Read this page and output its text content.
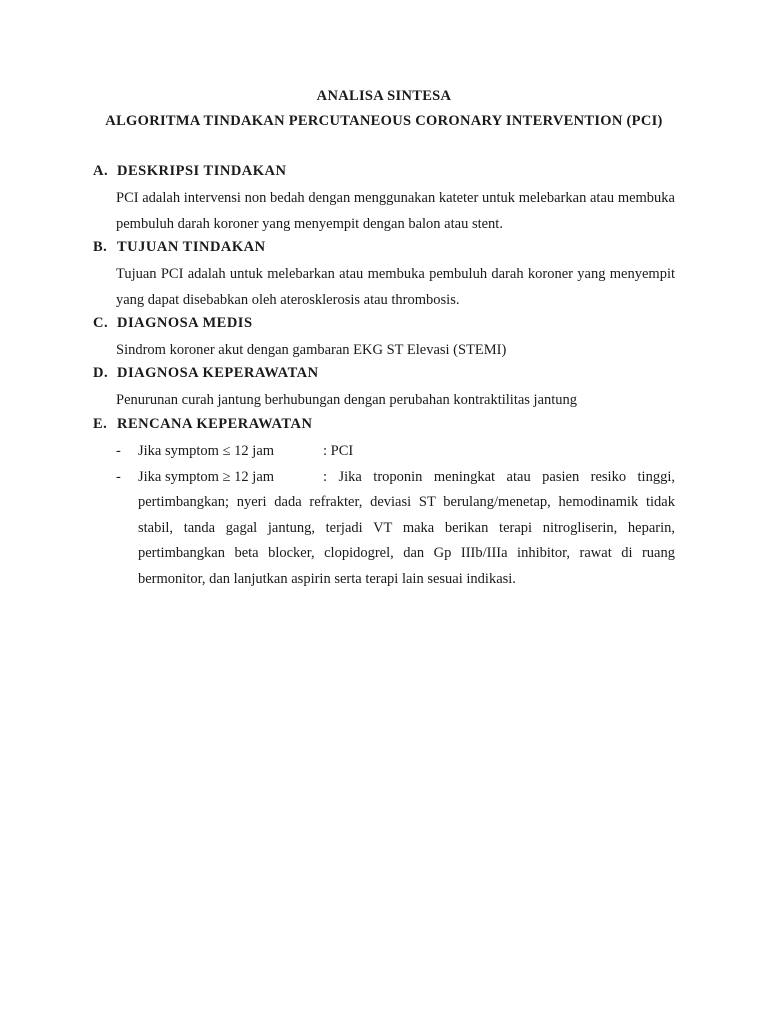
ANALISA SINTESA
ALGORITMA TINDAKAN PERCUTANEOUS CORONARY INTERVENTION (PCI)
A. DESKRIPSI TINDAKAN
PCI adalah intervensi non bedah dengan menggunakan kateter untuk melebarkan atau membuka pembuluh darah koroner yang menyempit dengan balon atau stent.
B. TUJUAN TINDAKAN
Tujuan PCI adalah untuk melebarkan atau membuka pembuluh darah koroner yang menyempit yang dapat disebabkan oleh aterosklerosis atau thrombosis.
C. DIAGNOSA MEDIS
Sindrom koroner akut dengan gambaran EKG ST Elevasi (STEMI)
D. DIAGNOSA KEPERAWATAN
Penurunan curah jantung berhubungan dengan perubahan kontraktilitas jantung
E. RENCANA KEPERAWATAN
-	Jika symptom ≤ 12 jam	: PCI
-	Jika symptom ≥ 12 jam	: Jika troponin meningkat atau pasien resiko tinggi, pertimbangkan; nyeri dada refrakter, deviasi ST berulang/menetap, hemodinamik tidak stabil, tanda gagal jantung, terjadi VT maka berikan terapi nitrogliserin, heparin, pertimbangkan beta blocker, clopidogrel, dan Gp IIIb/IIIa inhibitor, rawat di ruang bermonitor, dan lanjutkan aspirin serta terapi lain sesuai indikasi.
